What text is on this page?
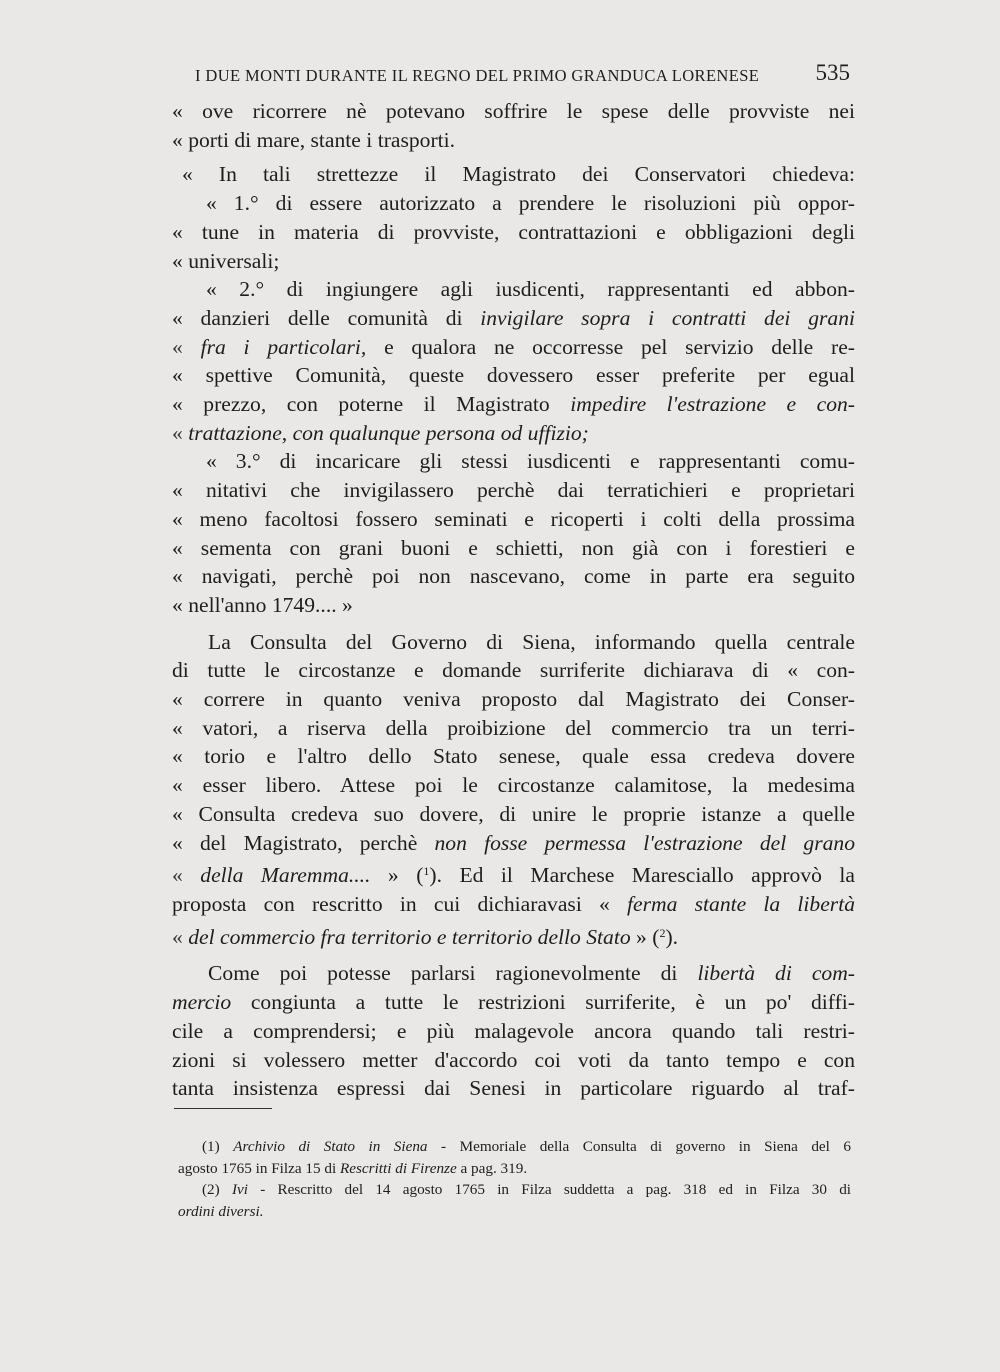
I DUE MONTI DURANTE IL REGNO DEL PRIMO GRANDUCA LORENESE 535

« ove ricorrere nè potevano soffrire le spese delle provviste nei

« porti di mare, stante i trasporti.

« In tali strettezze il Magistrato dei Conservatori chiedeva:

« 1.° di essere autorizzato a prendere le risoluzioni più oppor-

« tune in materia di provviste, contrattazioni e obbligazioni degli

« universali;

« 2.° di ingiungere agli iusdicenti, rappresentanti ed abbon-

« danzieri delle comunità di invigilare sopra i contratti dei grani

« fra i particolari, e qualora ne occorresse pel servizio delle re-

« spettive Comunità, queste dovessero esser preferite per egual

« prezzo, con poterne il Magistrato impedire l'estrazione e con-

« trattazione, con qualunque persona od uffizio;

« 3.° di incaricare gli stessi iusdicenti e rappresentanti comu-

« nitativi che invigilassero perchè dai terratichieri e proprietari

« meno facoltosi fossero seminati e ricoperti i colti della prossima

« sementa con grani buoni e schietti, non già con i forestieri e

« navigati, perchè poi non nascevano, come in parte era seguito

« nell'anno 1749.... »

La Consulta del Governo di Siena, informando quella centrale

di tutte le circostanze e domande surriferite dichiarava di « con-

« correre in quanto veniva proposto dal Magistrato dei Conser-

« vatori, a riserva della proibizione del commercio tra un terri-

« torio e l'altro dello Stato senese, quale essa credeva dovere

« esser libero. Attese poi le circostanze calamitose, la medesima

« Consulta credeva suo dovere, di unire le proprie istanze a quelle

« del Magistrato, perchè non fosse permessa l'estrazione del grano

« della Maremma.... » ($^1$). Ed il Marchese Maresciallo approvò la

proposta con rescritto in cui dichiaravasi « ferma stante la libertà

« del commercio fra territorio e territorio dello Stato » ($^2$).

Come poi potesse parlarsi ragionevolmente di libertà di com-

mercio congiunta a tutte le restrizioni surriferite, è un po' diffi-

cile a comprendersi; e più malagevole ancora quando tali restri-

zioni si volessero metter d'accordo coi voti da tanto tempo e con

tanta insistenza espressi dai Senesi in particolare riguardo al traf-

(1) Archivio di Stato in Siena - Memoriale della Consulta di governo in Siena del 6

agosto 1765 in Filza 15 di Rescritti di Firenze a pag. 319.

(2) Ivi - Rescritto del 14 agosto 1765 in Filza suddetta a pag. 318 ed in Filza 30 di

ordini diversi.
